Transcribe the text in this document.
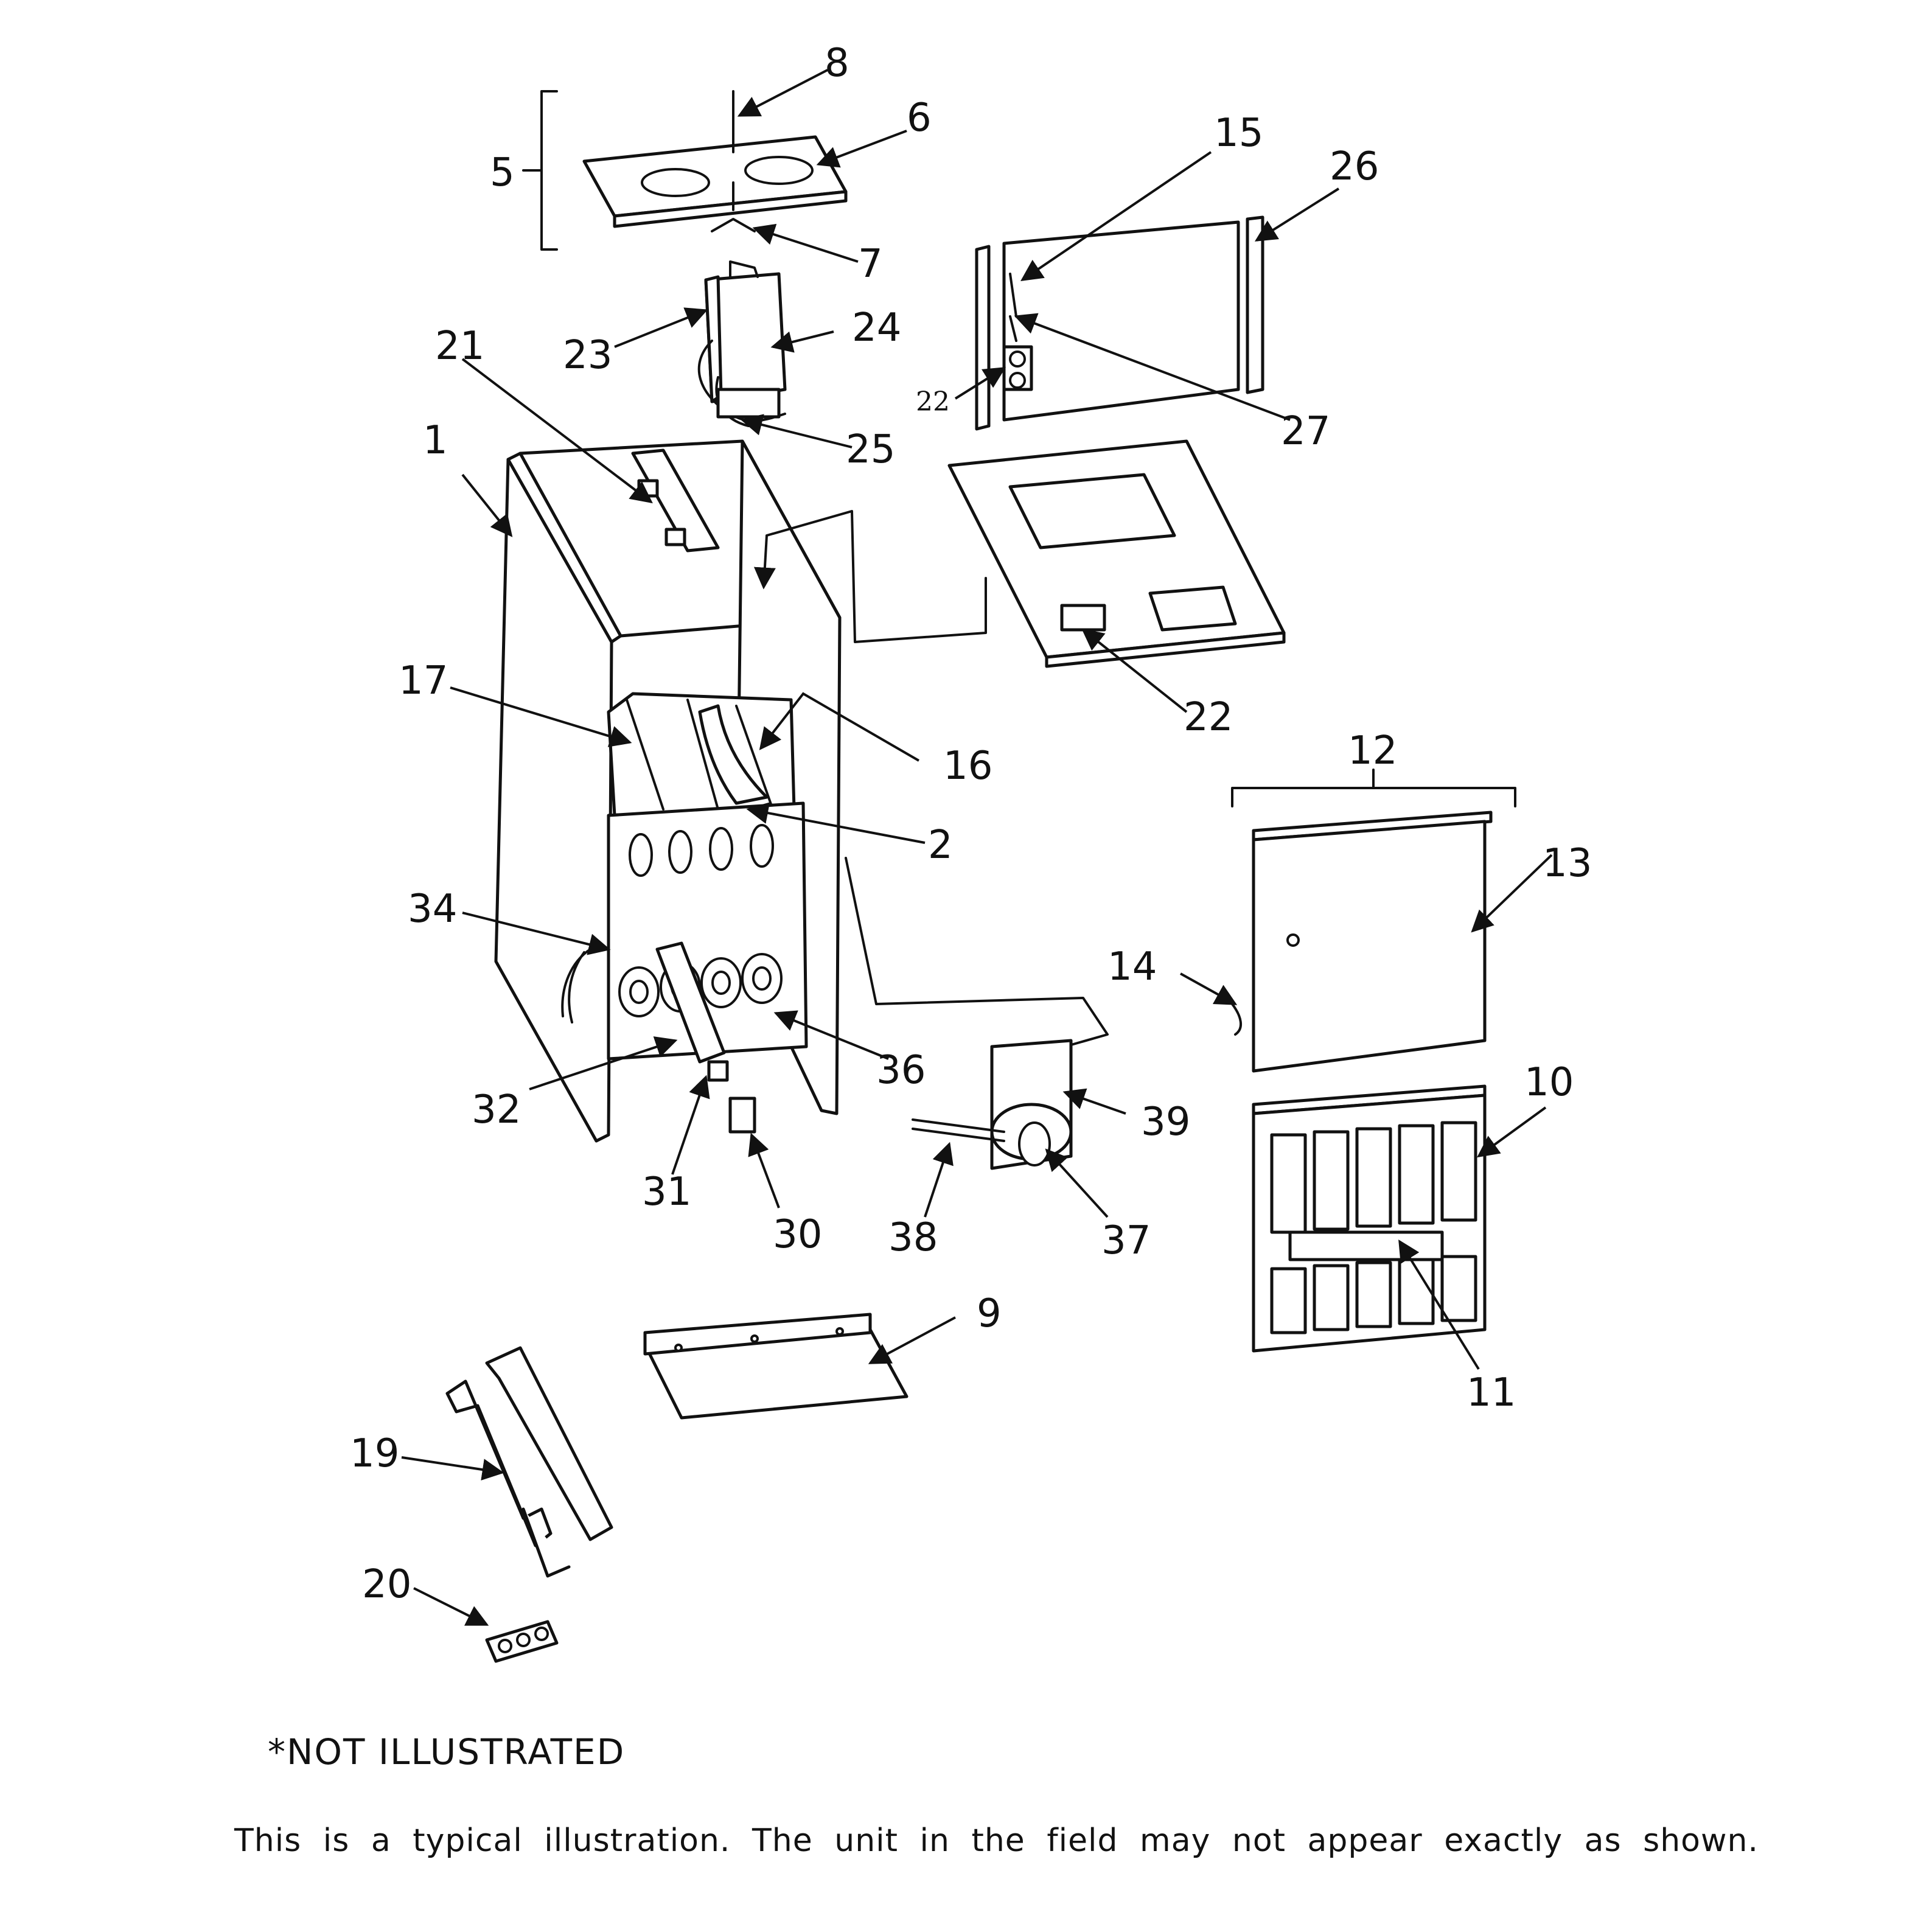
1
2
5
6
7
8
9
10
11
12
13
14
15
16
17
19
20
21
22
22
23
24
25
26
27
30
31
32
34
36
37
38
39
*NOT ILLUSTRATED
This is a typical illustration. The unit in the field may not appear exactly as shown.
